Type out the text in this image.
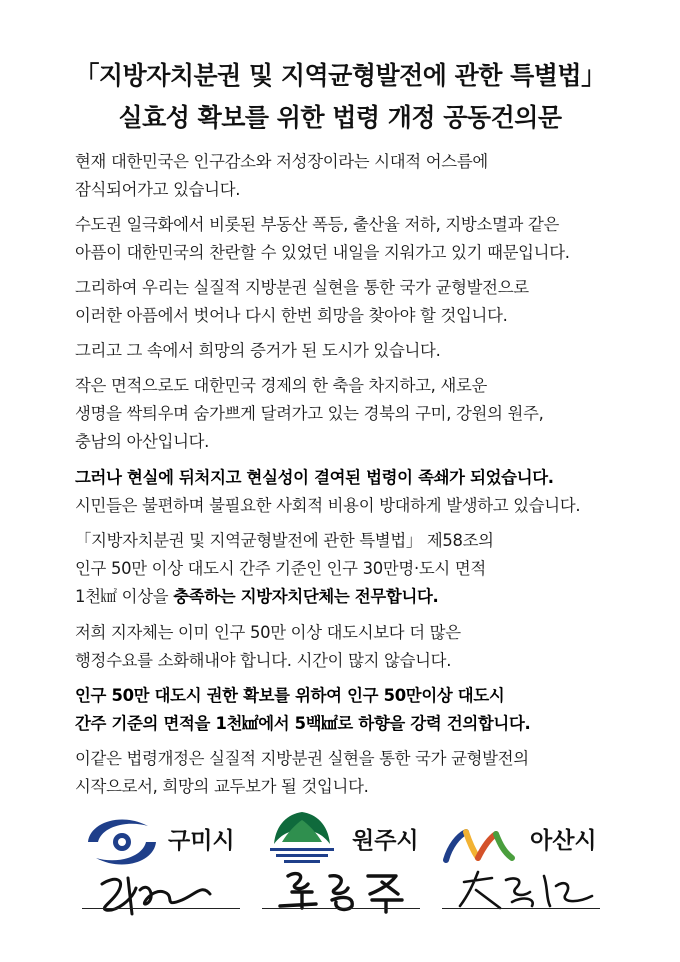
「지방자치분권 및 지역균형발전에 관한 특별법」
실효성 확보를 위한 법령 개정 공동건의문
현재 대한민국은 인구감소와 저성장이라는 시대적 어스름에
잠식되어가고 있습니다.
수도권 일극화에서 비롯된 부동산 폭등, 출산율 저하, 지방소멸과 같은
아픔이 대한민국의 찬란할 수 있었던 내일을 지워가고 있기 때문입니다.
그리하여 우리는 실질적 지방분권 실현을 통한 국가 균형발전으로
이러한 아픔에서 벗어나 다시 한번 희망을 찾아야 할 것입니다.
그리고 그 속에서 희망의 증거가 된 도시가 있습니다.
작은 면적으로도 대한민국 경제의 한 축을 차지하고, 새로운
생명을 싹틔우며 숨가쁘게 달려가고 있는 경북의 구미, 강원의 원주,
충남의 아산입니다.
그러나 현실에 뒤처지고 현실성이 결여된 법령이 족쇄가 되었습니다.
시민들은 불편하며 불필요한 사회적 비용이 방대하게 발생하고 있습니다.
「지방자치분권 및 지역균형발전에 관한 특별법」 제58조의
인구 50만 이상 대도시 간주 기준인 인구 30만명·도시 면적
1천㎢ 이상을 충족하는 지방자치단체는 전무합니다.
저희 지자체는 이미 인구 50만 이상 대도시보다 더 많은
행정수요를 소화해내야 합니다. 시간이 많지 않습니다.
인구 50만 대도시 권한 확보를 위하여 인구 50만이상 대도시
간주 기준의 면적을 1천㎢에서 5백㎢로 하향을 강력 건의합니다.
이같은 법령개정은 실질적 지방분권 실현을 통한 국가 균형발전의
시작으로서, 희망의 교두보가 될 것입니다.
구미시	원주시	아산시
